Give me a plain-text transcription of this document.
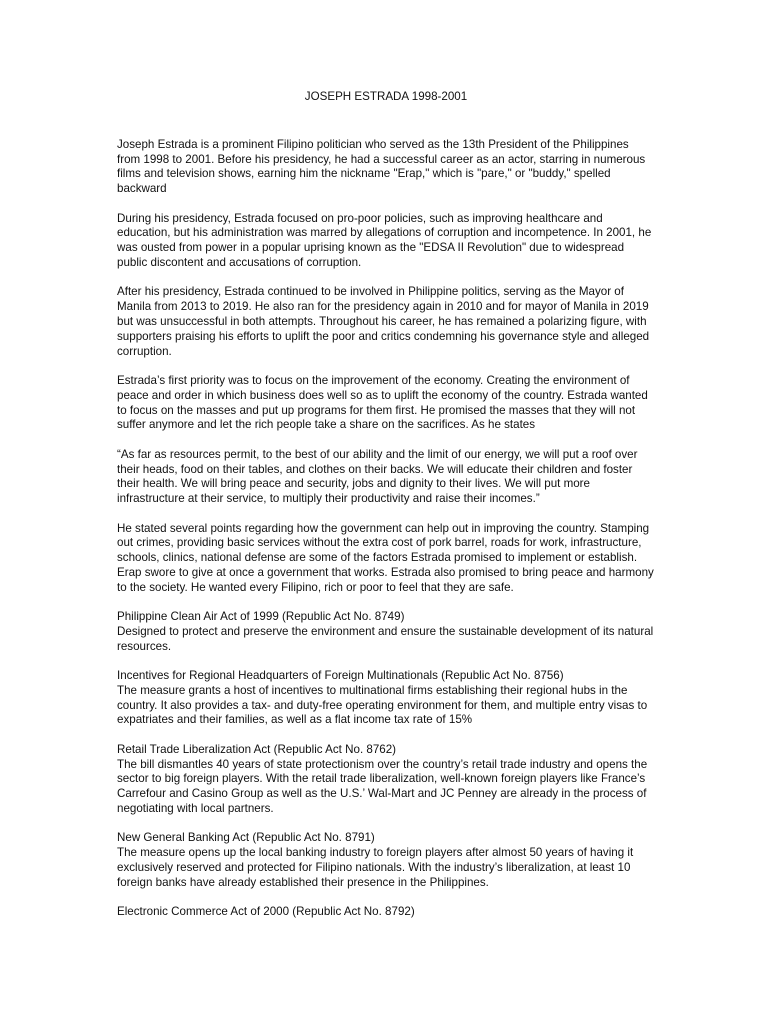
JOSEPH ESTRADA 1998-2001

Joseph Estrada is a prominent Filipino politician who served as the 13th President of the Philippines from 1998 to 2001. Before his presidency, he had a successful career as an actor, starring in numerous films and television shows, earning him the nickname "Erap," which is "pare," or "buddy," spelled backward

During his presidency, Estrada focused on pro-poor policies, such as improving healthcare and education, but his administration was marred by allegations of corruption and incompetence. In 2001, he was ousted from power in a popular uprising known as the "EDSA II Revolution" due to widespread public discontent and accusations of corruption.

After his presidency, Estrada continued to be involved in Philippine politics, serving as the Mayor of Manila from 2013 to 2019. He also ran for the presidency again in 2010 and for mayor of Manila in 2019 but was unsuccessful in both attempts. Throughout his career, he has remained a polarizing figure, with supporters praising his efforts to uplift the poor and critics condemning his governance style and alleged corruption.

Estrada’s first priority was to focus on the improvement of the economy. Creating the environment of peace and order in which business does well so as to uplift the economy of the country. Estrada wanted to focus on the masses and put up programs for them first. He promised the masses that they will not suffer anymore and let the rich people take a share on the sacrifices. As he states

“As far as resources permit, to the best of our ability and the limit of our energy, we will put a roof over their heads, food on their tables, and clothes on their backs. We will educate their children and foster their health. We will bring peace and security, jobs and dignity to their lives. We will put more infrastructure at their service, to multiply their productivity and raise their incomes.”

He stated several points regarding how the government can help out in improving the country. Stamping out crimes, providing basic services without the extra cost of pork barrel, roads for work, infrastructure, schools, clinics, national defense are some of the factors Estrada promised to implement or establish. Erap swore to give at once a government that works. Estrada also promised to bring peace and harmony to the society. He wanted every Filipino, rich or poor to feel that they are safe.

Philippine Clean Air Act of 1999 (Republic Act No. 8749)
Designed to protect and preserve the environment and ensure the sustainable development of its natural resources.
Incentives for Regional Headquarters of Foreign Multinationals (Republic Act No. 8756)
The measure grants a host of incentives to multinational firms establishing their regional hubs in the country. It also provides a tax- and duty-free operating environment for them, and multiple entry visas to expatriates and their families, as well as a flat income tax rate of 15%
Retail Trade Liberalization Act (Republic Act No. 8762)
The bill dismantles 40 years of state protectionism over the country’s retail trade industry and opens the sector to big foreign players. With the retail trade liberalization, well-known foreign players like France’s Carrefour and Casino Group as well as the U.S.’ Wal-Mart and JC Penney are already in the process of negotiating with local partners.
New General Banking Act (Republic Act No. 8791)
The measure opens up the local banking industry to foreign players after almost 50 years of having it exclusively reserved and protected for Filipino nationals. With the industry’s liberalization, at least 10 foreign banks have already established their presence in the Philippines.
Electronic Commerce Act of 2000 (Republic Act No. 8792)
